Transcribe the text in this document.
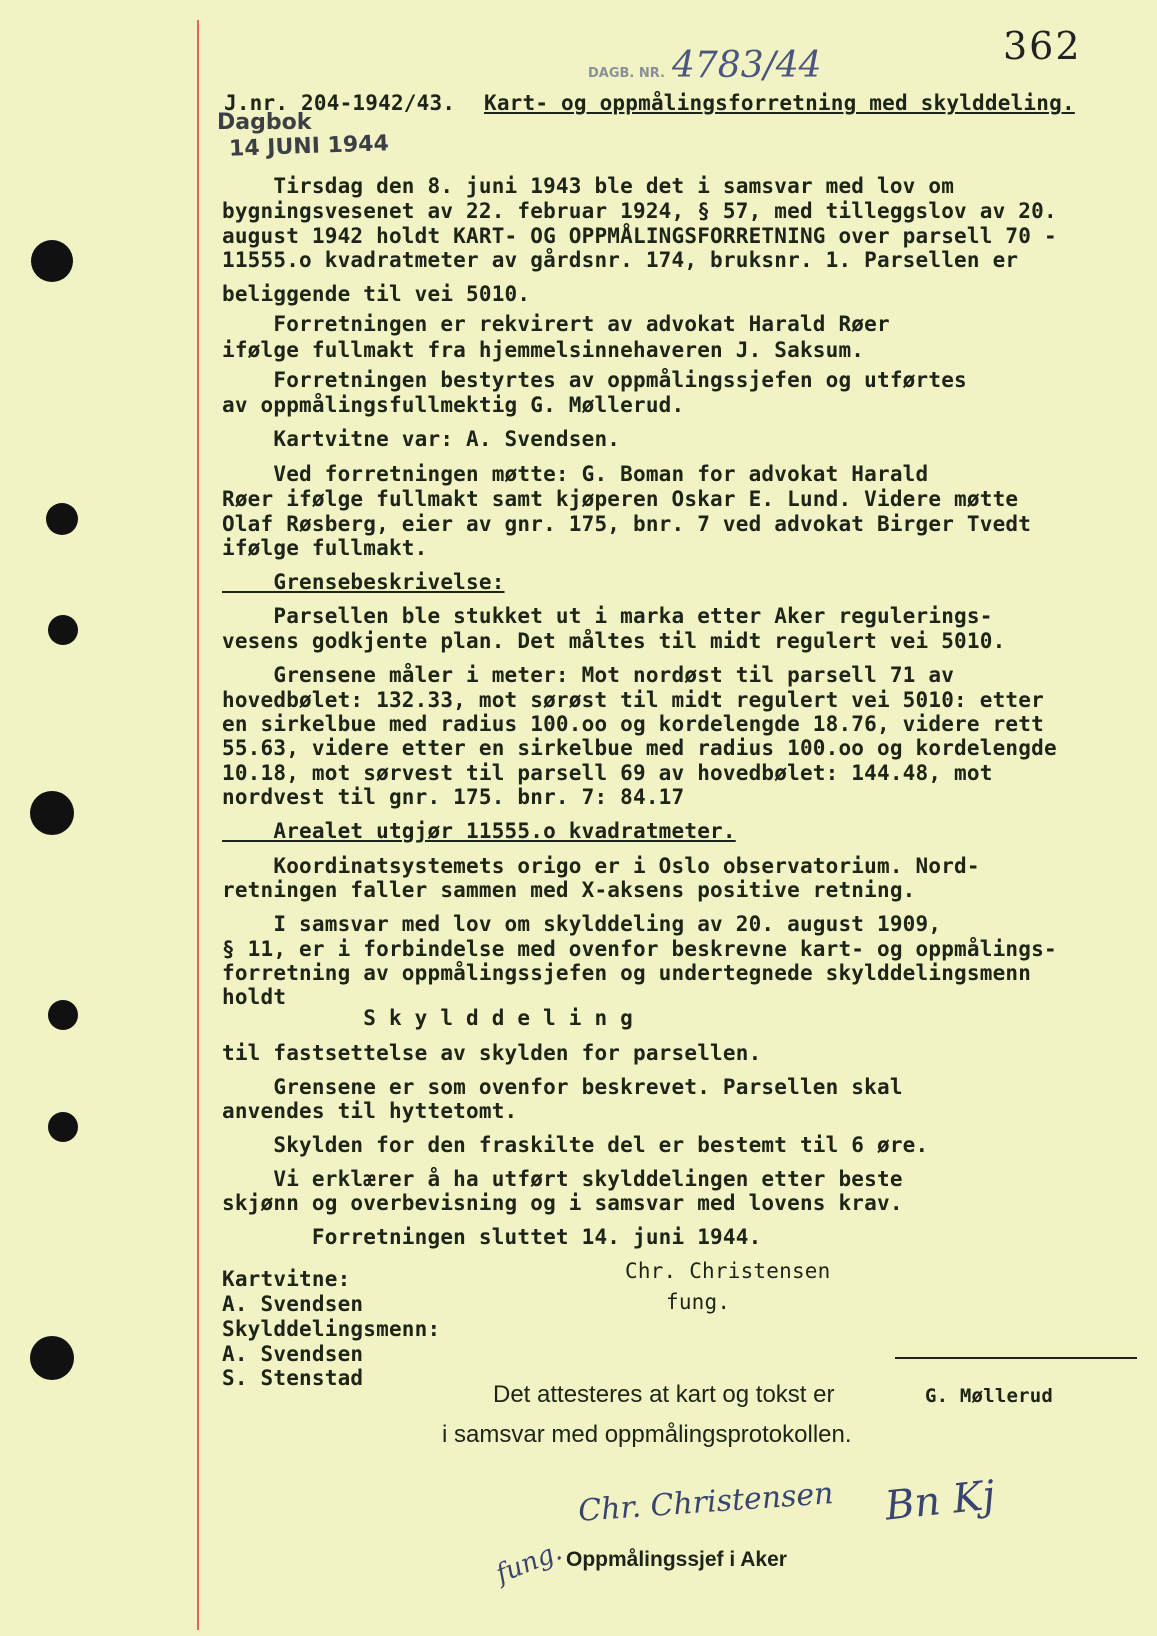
362
DAGB. NR. 4783/44
J.nr. 204-1942/43. Kart- og oppmålingsforretning med skylddeling.
Dagbok
14 JUNI 1944
Tirsdag den 8. juni 1943 ble det i samsvar med lov om
bygningsvesenet av 22. februar 1924, § 57, med tilleggslov av 20.
august 1942 holdt KART- OG OPPMÅLINGSFORRETNING over parsell 70 -
11555.o kvadratmeter av gårdsnr. 174, bruksnr. 1. Parsellen er
beliggende til vei 5010.
Forretningen er rekvirert av advokat Harald Røer
ifølge fullmakt fra hjemmelsinnehaveren J. Saksum.
Forretningen bestyrtes av oppmålingssjefen og utførtes
av oppmålingsfullmektig G. Møllerud.
Kartvitne var: A. Svendsen.
Ved forretningen møtte: G. Boman for advokat Harald
Røer ifølge fullmakt samt kjøperen Oskar E. Lund. Videre møtte
Olaf Røsberg, eier av gnr. 175, bnr. 7 ved advokat Birger Tvedt
ifølge fullmakt.
Grensebeskrivelse:
Parsellen ble stukket ut i marka etter Aker regulerings-
vesens godkjente plan. Det måltes til midt regulert vei 5010.
Grensene måler i meter: Mot nordøst til parsell 71 av
hovedbølet: 132.33, mot sørøst til midt regulert vei 5010: etter
en sirkelbue med radius 100.oo og kordelengde 18.76, videre rett
55.63, videre etter en sirkelbue med radius 100.oo og kordelengde
10.18, mot sørvest til parsell 69 av hovedbølet: 144.48, mot
nordvest til gnr. 175. bnr. 7: 84.17
Arealet utgjør 11555.o kvadratmeter.
Koordinatsystemets origo er i Oslo observatorium. Nord-
retningen faller sammen med X-aksens positive retning.
I samsvar med lov om skylddeling av 20. august 1909,
§ 11, er i forbindelse med ovenfor beskrevne kart- og oppmålings-
forretning av oppmålingssjefen og undertegnede skylddelingsmenn
holdt
S k y l d d e l i n g
til fastsettelse av skylden for parsellen.
Grensene er som ovenfor beskrevet. Parsellen skal
anvendes til hyttetomt.
Skylden for den fraskilte del er bestemt til 6 øre.
Vi erklærer å ha utført skylddelingen etter beste
skjønn og overbevisning og i samsvar med lovens krav.
Forretningen sluttet 14. juni 1944.
Chr. Christensen
fung.
Kartvitne:
A. Svendsen
Skylddelingsmenn:
A. Svendsen
S. Stenstad
Det attesteres at kart og tokst er	G. Møllerud
i samsvar med oppmålingsprotokollen.
Chr. Christensen Bn Kj
fung. Oppmålingssjef i Aker
